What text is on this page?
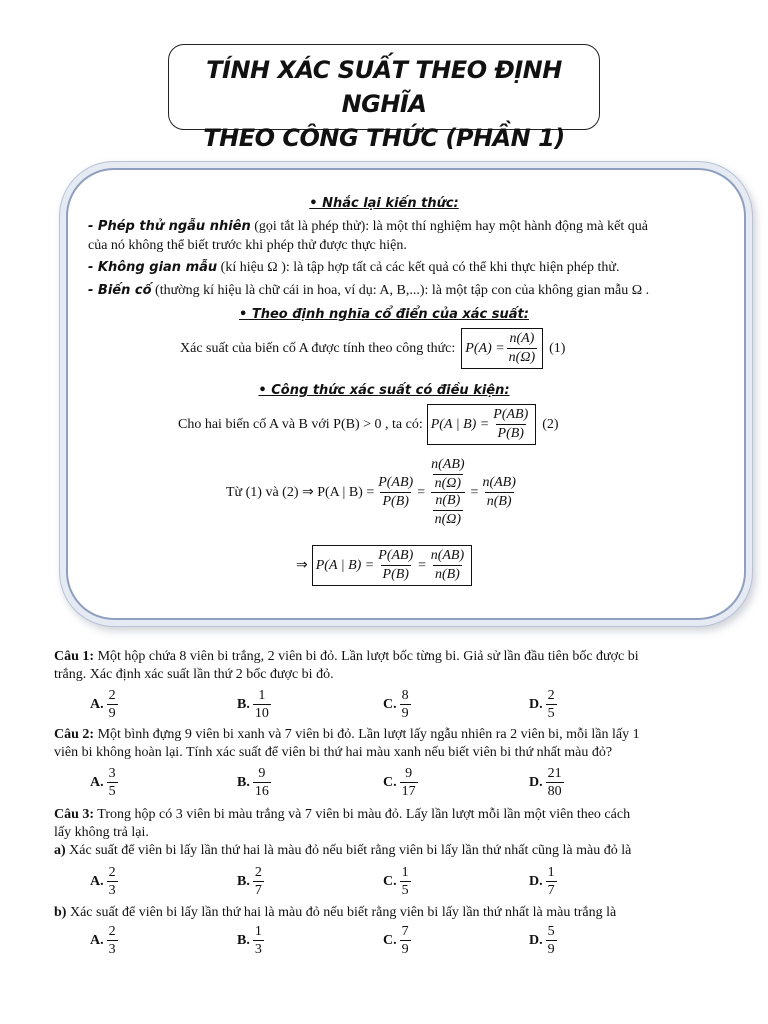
TÍNH XÁC SUẤT THEO ĐỊNH NGHĨA
THEO CÔNG THỨC (PHẦN 1)
• Nhắc lại kiến thức:
- Phép thử ngẫu nhiên (gọi tắt là phép thử): là một thí nghiệm hay một hành động mà kết quả
của nó không thể biết trước khi phép thử được thực hiện.
- Không gian mẫu (kí hiệu Ω ): là tập hợp tất cả các kết quả có thể khi thực hiện phép thử.
- Biến cố (thường kí hiệu là chữ cái in hoa, ví dụ: A, B,...): là một tập con của không gian mẫu Ω .
• Theo định nghĩa cổ điển của xác suất:
Xác suất của biến cố A được tính theo công thức: $P(A) = \frac{n(A)}{n(\Omega)} (1)$
• Công thức xác suất có điều kiện:
Cho hai biến cố A và B với P(B) > 0 , ta có: P(A | $B) = \frac{P(AB)}{P(B)} (2)$
Từ (1) và (2) ⇒ P(A | $B) = \frac{P(AB)}{P(B)} = \frac{\frac{n(AB)}{n(\Omega)}}{\frac{n(B)}{n(\Omega)}} = \frac{n(AB)}{n(B)}$
⇒ P(A | $B) = \frac{P(AB)}{P(B)} = \frac{n(AB)}{n(B)}$
Câu 1: Một hộp chứa 8 viên bi trắng, 2 viên bi đỏ. Lần lượt bốc từng bi. Giả sử lần đầu tiên bốc được bi
trắng. Xác định xác suất lần thứ 2 bốc được bi đỏ.
A. $\frac{2}{9}$	B. $\frac{1}{10}$	C. $\frac{8}{9}$	D. $\frac{2}{5}$
Câu 2: Một bình đựng 9 viên bi xanh và 7 viên bi đỏ. Lần lượt lấy ngẫu nhiên ra 2 viên bi, mỗi lần lấy 1
viên bi không hoàn lại. Tính xác suất để viên bi thứ hai màu xanh nếu biết viên bi thứ nhất màu đỏ?
A. $\frac{3}{5}$	B. $\frac{9}{16}$	C. $\frac{9}{17}$	D. $\frac{21}{80}$
Câu 3: Trong hộp có 3 viên bi màu trắng và 7 viên bi màu đỏ. Lấy lần lượt mỗi lần một viên theo cách
lấy không trả lại.
a) Xác suất để viên bi lấy lần thứ hai là màu đỏ nếu biết rằng viên bi lấy lần thứ nhất cũng là màu đỏ là
A. $\frac{2}{3}$	B. $\frac{2}{7}$	C. $\frac{1}{5}$	D. $\frac{1}{7}$
b) Xác suất để viên bi lấy lần thứ hai là màu đỏ nếu biết rằng viên bi lấy lần thứ nhất là màu trắng là
A. $\frac{2}{3}$	B. $\frac{1}{3}$	C. $\frac{7}{9}$	D. $\frac{5}{9}$
